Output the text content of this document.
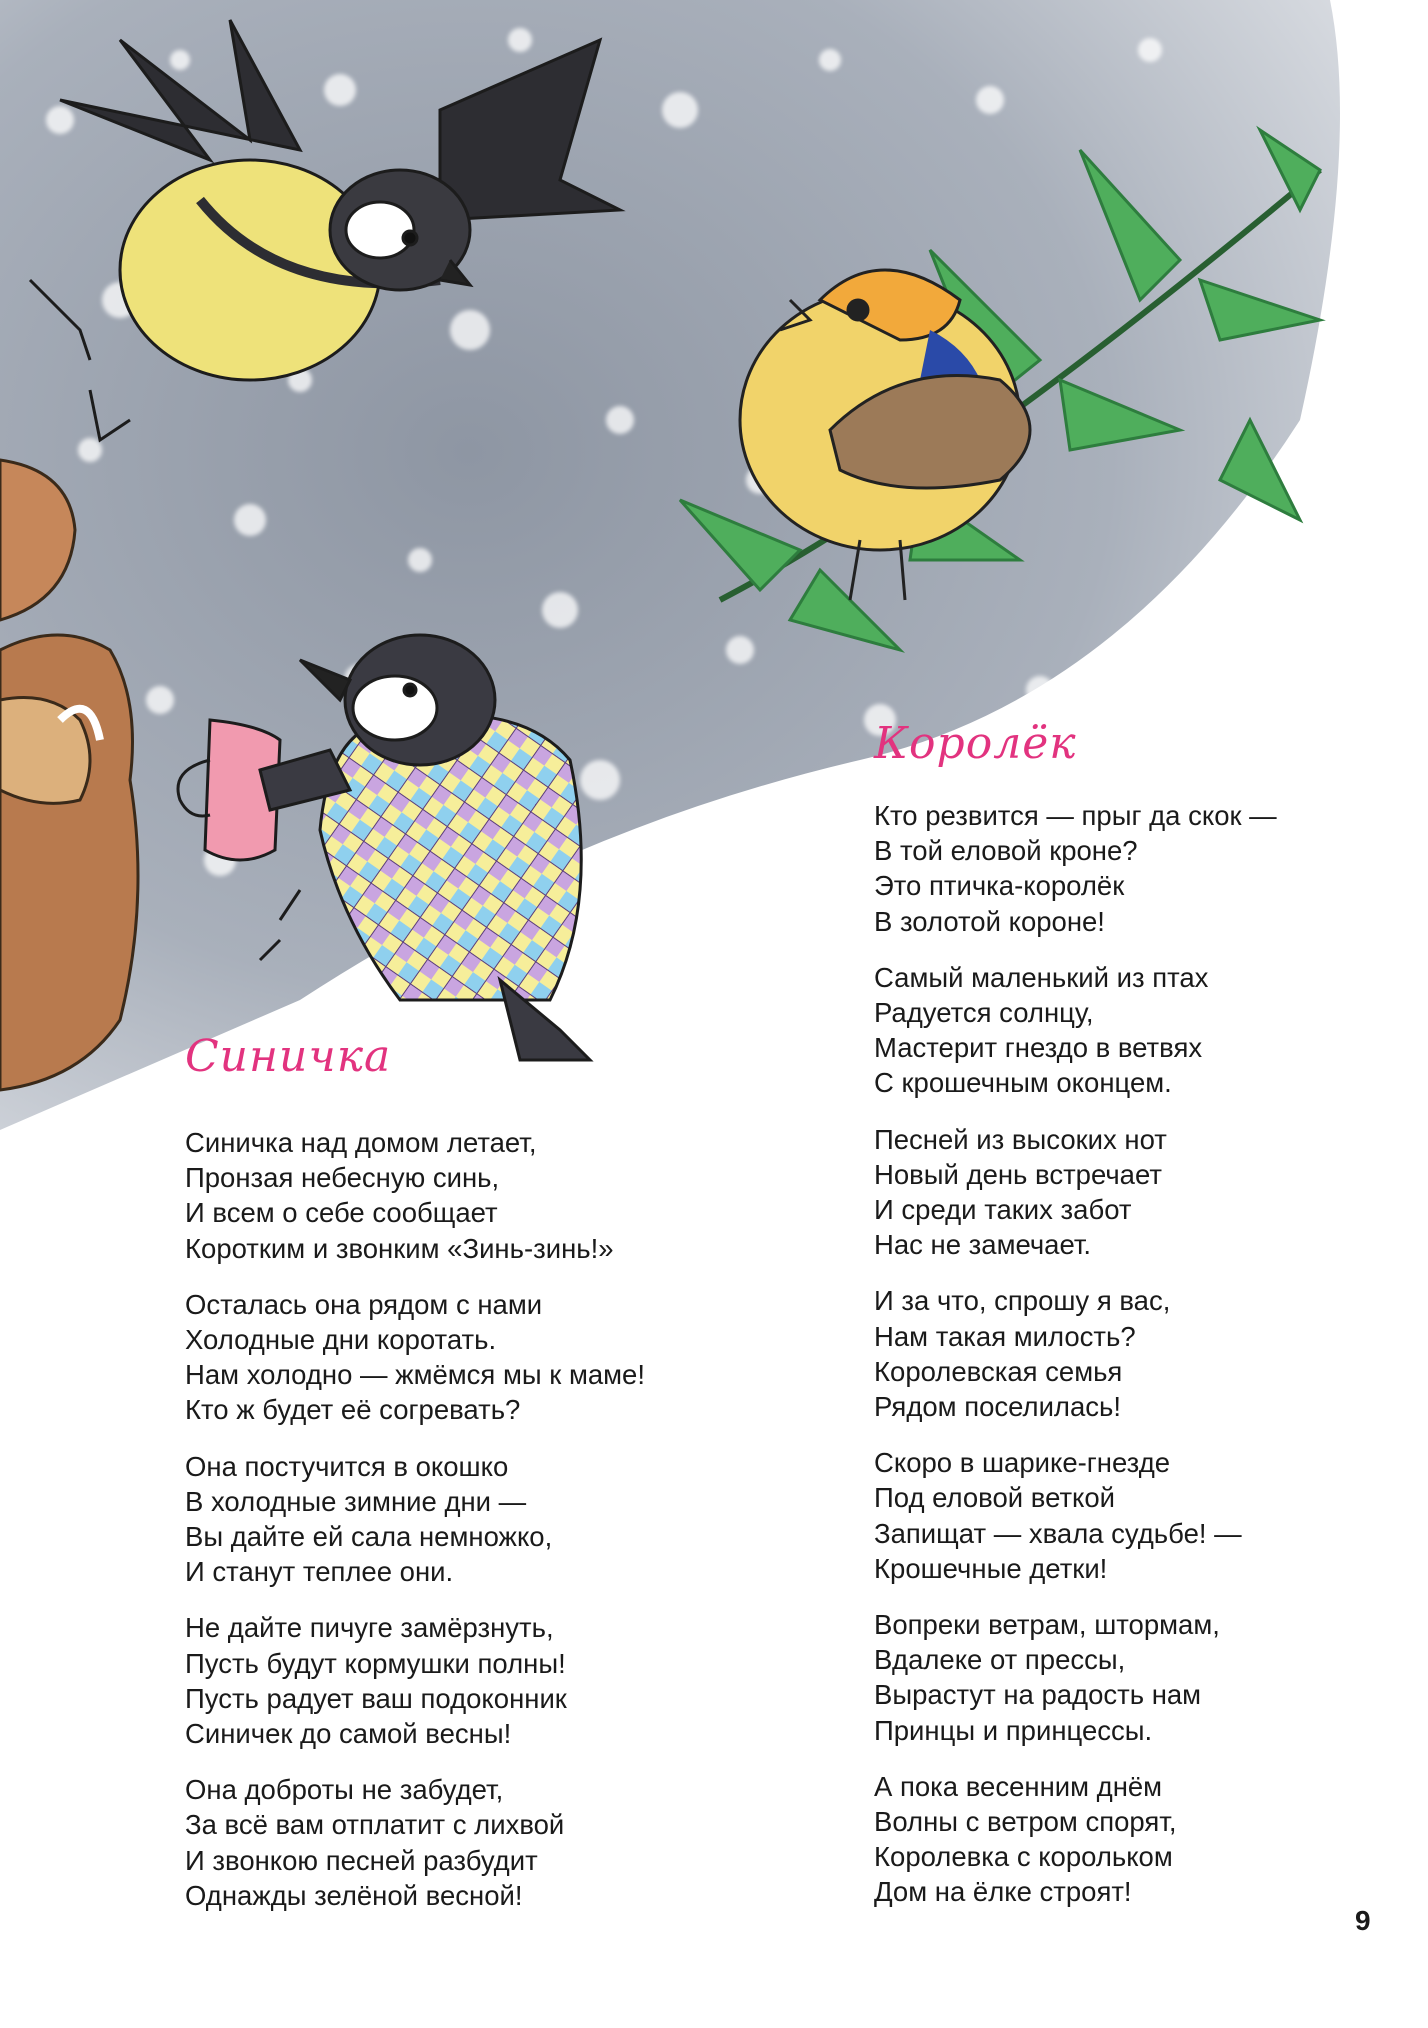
Синичка
Синичка над домом летает,
Пронзая небесную синь,
И всем о себе сообщает
Коротким и звонким «Зинь-зинь!»
Осталась она рядом с нами
Холодные дни коротать.
Нам холодно — жмёмся мы к маме!
Кто ж будет её согревать?
Она постучится в окошко
В холодные зимние дни —
Вы дайте ей сала немножко,
И станут теплее они.
Не дайте пичуге замёрзнуть,
Пусть будут кормушки полны!
Пусть радует ваш подоконник
Синичек до самой весны!
Она доброты не забудет,
За всё вам отплатит с лихвой
И звонкою песней разбудит
Однажды зелёной весной!
Королёк
Кто резвится — прыг да скок —
В той еловой кроне?
Это птичка-королёк
В золотой короне!
Самый маленький из птах
Радуется солнцу,
Мастерит гнездо в ветвях
С крошечным оконцем.
Песней из высоких нот
Новый день встречает
И среди таких забот
Нас не замечает.
И за что, спрошу я вас,
Нам такая милость?
Королевская семья
Рядом поселилась!
Скоро в шарике-гнезде
Под еловой веткой
Запищат — хвала судьбе! —
Крошечные детки!
Вопреки ветрам, штормам,
Вдалеке от прессы,
Вырастут на радость нам
Принцы и принцессы.
А пока весенним днём
Волны с ветром спорят,
Королевка с корольком
Дом на ёлке строят!
9
